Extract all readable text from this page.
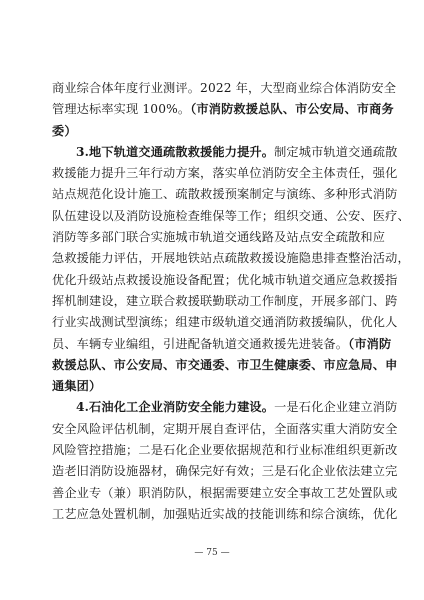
商业综合体年度行业测评。2022 年，大型商业综合体消防安全
管理达标率实现 100%。（市消防救援总队、市公安局、市商务
委）
3.地下轨道交通疏散救援能力提升。制定城市轨道交通疏散
救援能力提升三年行动方案，落实单位消防安全主体责任，强化
站点规范化设计施工、疏散救援预案制定与演练、多种形式消防
队伍建设以及消防设施检查维保等工作；组织交通、公安、医疗、
消防等多部门联合实施城市轨道交通线路及站点安全疏散和应
急救援能力评估，开展地铁站点疏散救援设施隐患排查整治活动，
优化升级站点救援设施设备配置；优化城市轨道交通应急救援指
挥机制建设，建立联合救援联勤联动工作制度，开展多部门、跨
行业实战测试型演练；组建市级轨道交通消防救援编队，优化人
员、车辆专业编组，引进配备轨道交通救援先进装备。（市消防
救援总队、市公安局、市交通委、市卫生健康委、市应急局、申
通集团）
4.石油化工企业消防安全能力建设。一是石化企业建立消防
安全风险评估机制，定期开展自查评估，全面落实重大消防安全
风险管控措施；二是石化企业要依据规范和行业标准组织更新改
造老旧消防设施器材，确保完好有效；三是石化企业依法建立完
善企业专（兼）职消防队，根据需要建立安全事故工艺处置队或
工艺应急处置机制，加强贴近实战的技能训练和综合演练，优化
— 75 —
